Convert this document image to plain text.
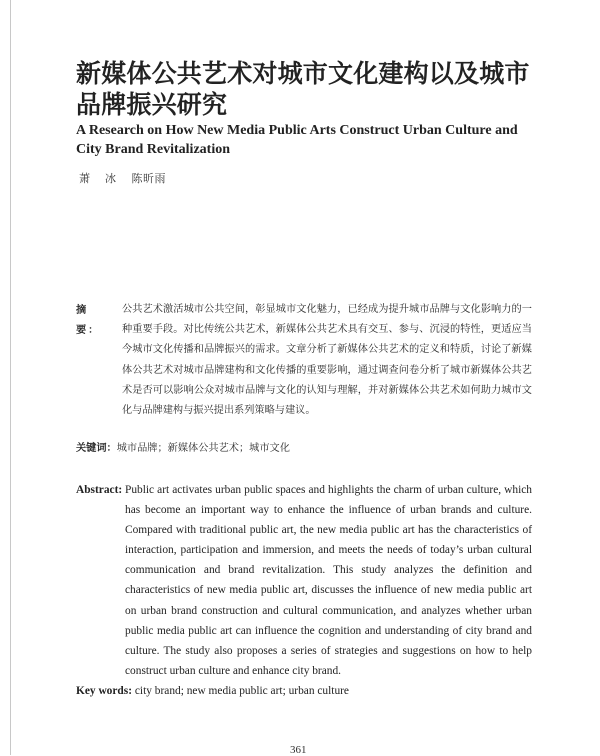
新媒体公共艺术对城市文化建构以及城市品牌振兴研究
A Research on How New Media Public Arts Construct Urban Culture and City Brand Revitalization
萧　冰 陈昕雨
摘　要：
公共艺术激活城市公共空间，彰显城市文化魅力，已经成为提升城市品牌与文化影响力的一种重要手段。对比传统公共艺术，新媒体公共艺术具有交互、参与、沉浸的特性，更适应当今城市文化传播和品牌振兴的需求。文章分析了新媒体公共艺术的定义和特质，讨论了新媒体公共艺术对城市品牌建构和文化传播的重要影响，通过调查问卷分析了城市新媒体公共艺术是否可以影响公众对城市品牌与文化的认知与理解，并对新媒体公共艺术如何助力城市文化与品牌建构与振兴提出系列策略与建议。
关键词：城市品牌；新媒体公共艺术；城市文化
Abstract: Public art activates urban public spaces and highlights the charm of urban culture, which has become an important way to enhance the influence of urban brands and culture. Compared with traditional public art, the new media public art has the characteristics of interaction, participation and immersion, and meets the needs of today’s urban cultural communication and brand revitalization. This study analyzes the definition and characteristics of new media public art, discusses the influence of new media public art on urban brand construction and cultural communication, and analyzes whether urban public media public art can influence the cognition and understanding of city brand and culture. The study also proposes a series of strategies and suggestions on how to help construct urban culture and enhance city brand.
Key words: city brand; new media public art; urban culture
361
